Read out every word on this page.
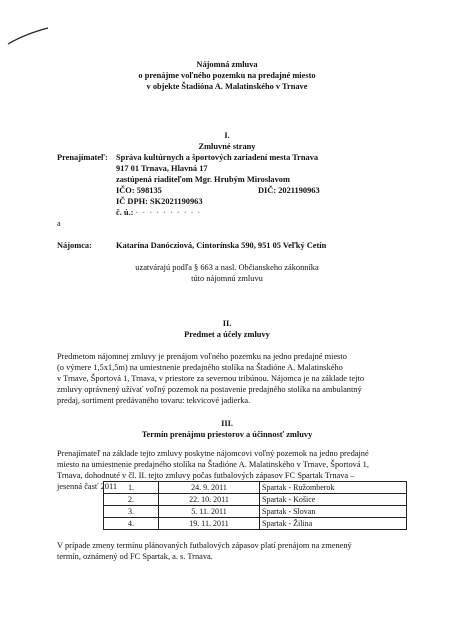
Nájomná zmluva
o prenájme voľného pozemku na predajné miesto
v objekte Štadióna A. Malatinského v Trnave
I.
Zmluvné strany
Prenajímateľ: Správa kultúrnych a športových zariadení mesta Trnava
917 01 Trnava, Hlavná 17
zastúpená riaditeľom Mgr. Hrubým Miroslavom
IČO: 598135	DIČ: 2021190963
IČ DPH: SK2021190963
č. ú.: · · · · · · · · · ·
a
Nájomca:	Katarína Danócziová, Cintorínska 590, 951 05 Veľký Cetín
uzatvárajú podľa § 663 a nasl. Občianskeho zákonníka
túto nájomnú zmluvu
II.
Predmet a účely zmluvy
Predmetom nájomnej zmluvy je prenájom voľného pozemku na jedno predajné miesto
(o výmere 1,5x1,5m) na umiestnenie predajného stolíka na Štadióne A. Malatinského
v Trnave, Športová 1, Trnava, v priestore za severnou tribúnou. Nájomca je na základe tejto
zmluvy oprávnený užívať voľný pozemok na postavenie predajného stolíka na ambulantný
predaj, sortiment predávaného tovaru: tekvicové jadierka.
III.
Termín prenájmu priestorov a účinnosť zmluvy
Prenajímateľ na základe tejto zmluvy poskytne nájomcovi voľný pozemok na jedno predajné
miesto na umiestnenie predajného stolíka na Štadióne A. Malatinského v Trnave, Športová 1,
Trnava, dohodnuté v čl. II. tejto zmluvy počas futbalových zápasov FC Spartak Trnava –
jesenná časť 2011	1.	24. 9. 2011	Spartak - Ružomberok
2.	22. 10. 2011	Spartak - Košice
3.	5. 11. 2011	Spartak - Slovan
4.	19. 11. 2011	Spartak - Žilina
V prípade zmeny termínu plánovaných futbalových zápasov platí prenájom na zmenený
termín, oznámený od FC Spartak, a. s. Trnava.
